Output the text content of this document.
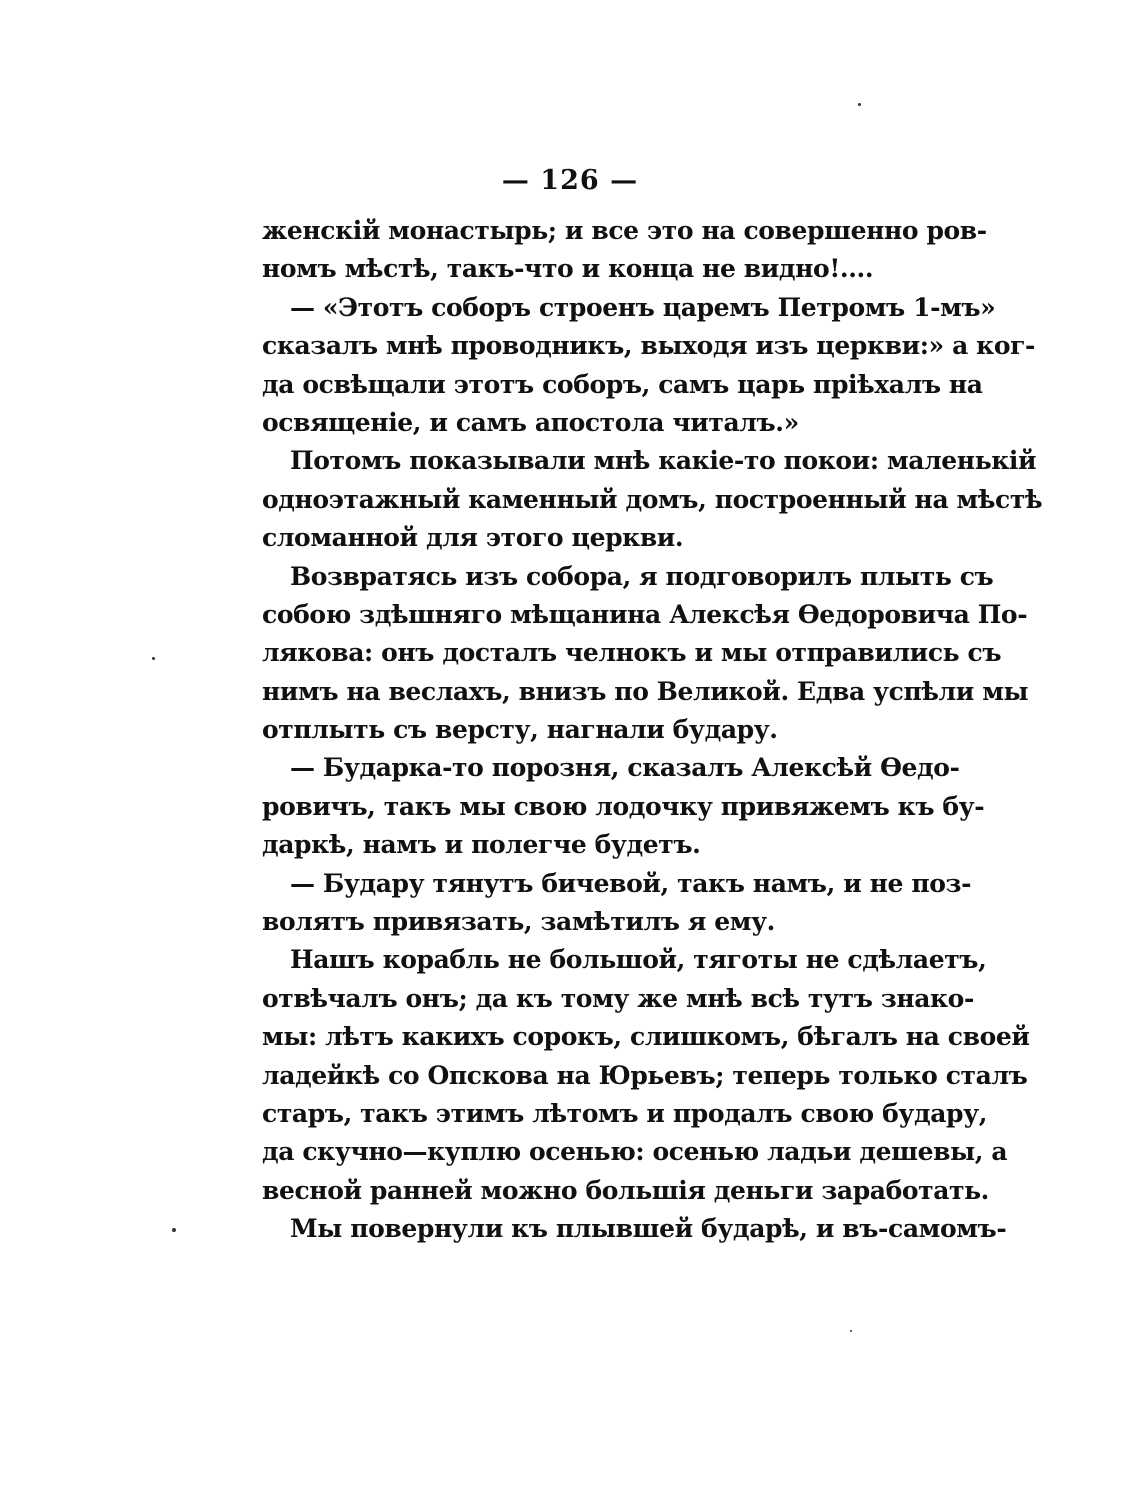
— 126 —
женскій монастырь; и все это на совершенно ров-
номъ мѣстѣ, такъ-что и конца не видно!....
— «Этотъ соборъ строенъ царемъ Петромъ 1-мъ»
сказалъ мнѣ проводникъ, выходя изъ церкви:» а ког-
да освѣщали этотъ соборъ, самъ царь пріѣхалъ на
освященіе, и самъ апостола читалъ.»
Потомъ показывали мнѣ какіе-то покои: маленькій
одноэтажный каменный домъ, построенный на мѣстѣ
сломанной для этого церкви.
Возвратясь изъ собора, я подговорилъ плыть съ
собою здѣшняго мѣщанина Алексѣя Ѳедоровича По-
лякова: онъ досталъ челнокъ и мы отправились съ
нимъ на веслахъ, внизъ по Великой. Едва успѣли мы
отплыть съ версту, нагнали будару.
— Бударка-то порозня, сказалъ Алексѣй Ѳедо-
ровичъ, такъ мы свою лодочку привяжемъ къ бу-
даркѣ, намъ и полегче будетъ.
— Будару тянутъ бичевой, такъ намъ, и не поз-
волятъ привязать, замѣтилъ я ему.
Нашъ корабль не большой, тяготы не сдѣлаетъ,
отвѣчалъ онъ; да къ тому же мнѣ всѣ тутъ знако-
мы: лѣтъ какихъ сорокъ, слишкомъ, бѣгалъ на своей
ладейкѣ со Опскова на Юрьевъ; теперь только сталъ
старъ, такъ этимъ лѣтомъ и продалъ свою будару,
да скучно—куплю осенью: осенью ладьи дешевы, а
весной ранней можно большія деньги заработать.
Мы повернули къ плывшей бударѣ, и въ-самомъ-
